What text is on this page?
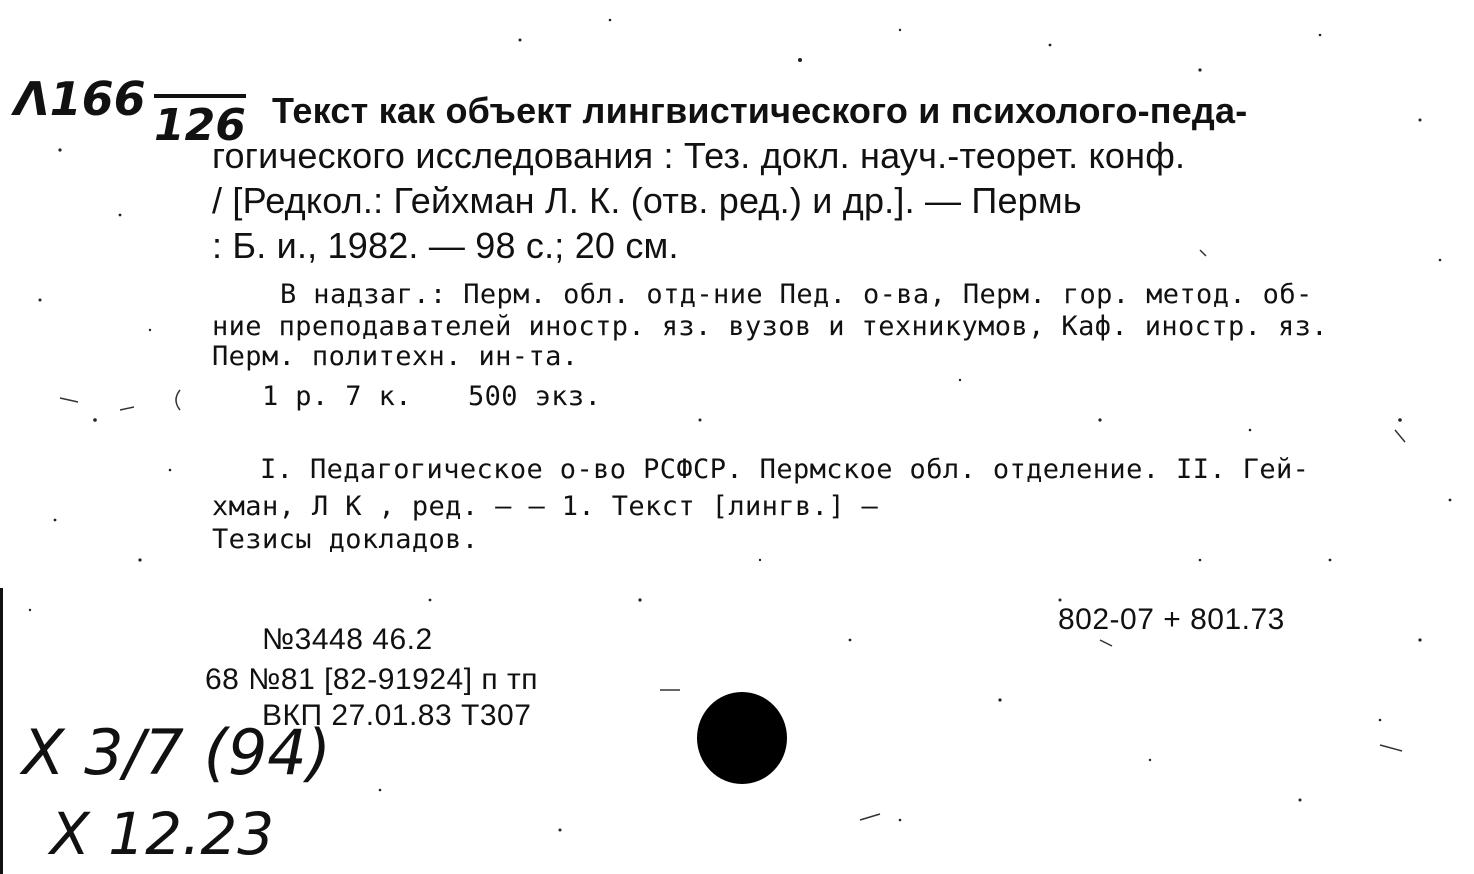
Λ166 126 Текст как объект лингвистического и психолого-педа-
гогического исследования : Тез. докл. науч.-теорет. конф.
/ [Редкол.: Гейхман Л. К. (отв. ред.) и др.]. — Пермь
: Б. и., 1982. — 98 с.; 20 см.
В надзаг.: Перм. обл. отд-ние Пед. о-ва, Перм. гор. метод. об-
ние преподавателей иностр. яз. вузов и техникумов, Каф. иностр. яз.
Перм. политехн. ин-та.
1 р. 7 к.	500 экз.
I. Педагогическое о-во РСФСР. Пермское обл. отделение. II. Гей-
хман, Л К , ред. — — 1. Текст [лингв.] —
Тезисы докладов.
802-07 + 801.73
№3448 46.2
68 №81 [82-91924] п тп
ВКП 27.01.83 Т307
Х 3/7 (94)
Х 12.23
